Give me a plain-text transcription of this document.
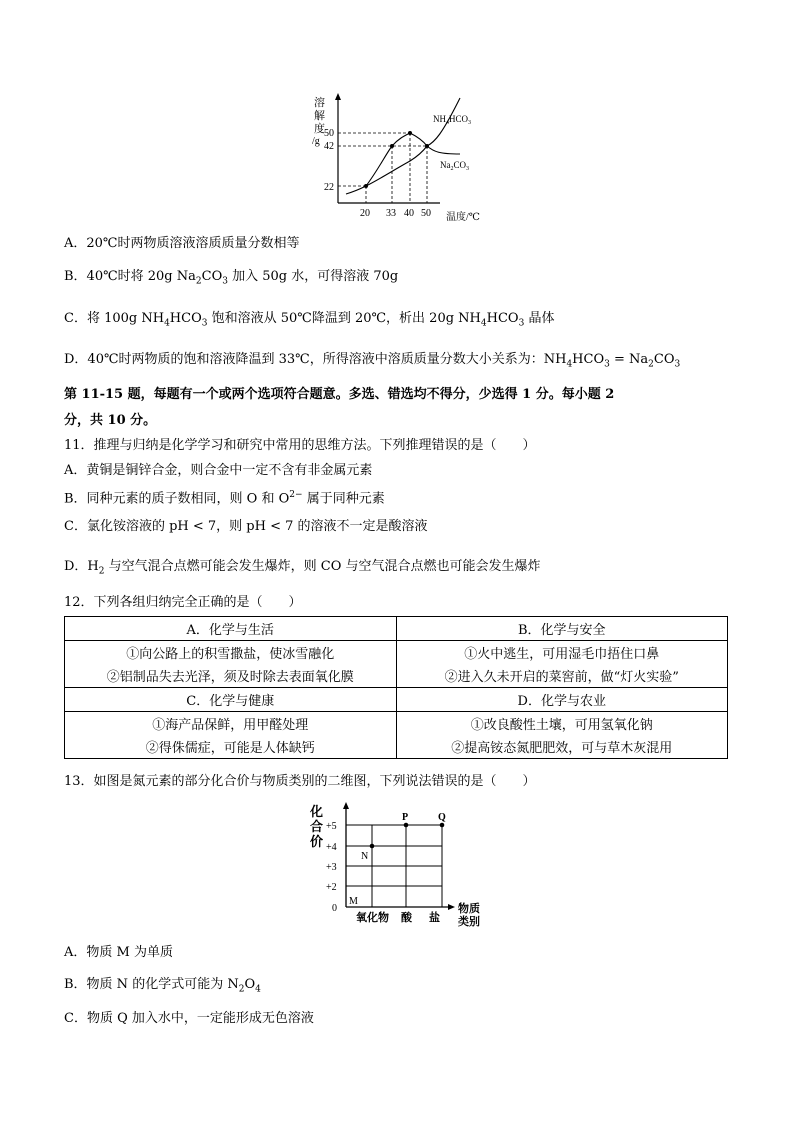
溶
解
度
/g
50
42
22
20 33 40 50 温度/℃
$NH_4HCO_3$
$Na_2CO_3$
A．20℃时两物质溶液溶质质量分数相等
B．40℃时将 20g $Na_2CO_3$ 加入 50g 水，可得溶液 70g
C．将 100g $NH_4HCO_3$ 饱和溶液从 50℃降温到 20℃，析出 20g $NH_4HCO_3$ 晶体
D．40℃时两物质的饱和溶液降温到 33℃，所得溶液中溶质质量分数大小关系为：$NH_4HCO_3 = Na_2CO_3$
第 11-15 题，每题有一个或两个选项符合题意。多选、错选均不得分，少选得 1 分。每小题 2
分，共 10 分。
11．推理与归纳是化学学习和研究中常用的思维方法。下列推理错误的是（　　）
A．黄铜是铜锌合金，则合金中一定不含有非金属元素
B．同种元素的质子数相同，则 O 和 $O^{2-}$ 属于同种元素
C．氯化铵溶液的 pH < 7，则 pH < 7 的溶液不一定是酸溶液
D．$H_2$ 与空气混合点燃可能会发生爆炸，则 CO 与空气混合点燃也可能会发生爆炸
12．下列各组归纳完全正确的是（　　）
A．化学与生活	B．化学与安全
①向公路上的积雪撒盐，使冰雪融化	①火中逃生，可用湿毛巾捂住口鼻
②铝制品失去光泽，须及时除去表面氧化膜	②进入久未开启的菜窖前，做“灯火实验”
C．化学与健康	D．化学与农业
①海产品保鲜，用甲醛处理	①改良酸性土壤，可用氢氧化钠
②得侏儒症，可能是人体缺钙	②提高铵态氮肥肥效，可与草木灰混用
13．如图是氮元素的部分化合价与物质类别的二维图，下列说法错误的是（　　）
化
合
价
+5
+4
+3
+2
0
M
N
P	Q
氧化物 酸 盐
物质
类别
A．物质 M 为单质
B．物质 N 的化学式可能为 $N_2O_4$
C．物质 Q 加入水中，一定能形成无色溶液
